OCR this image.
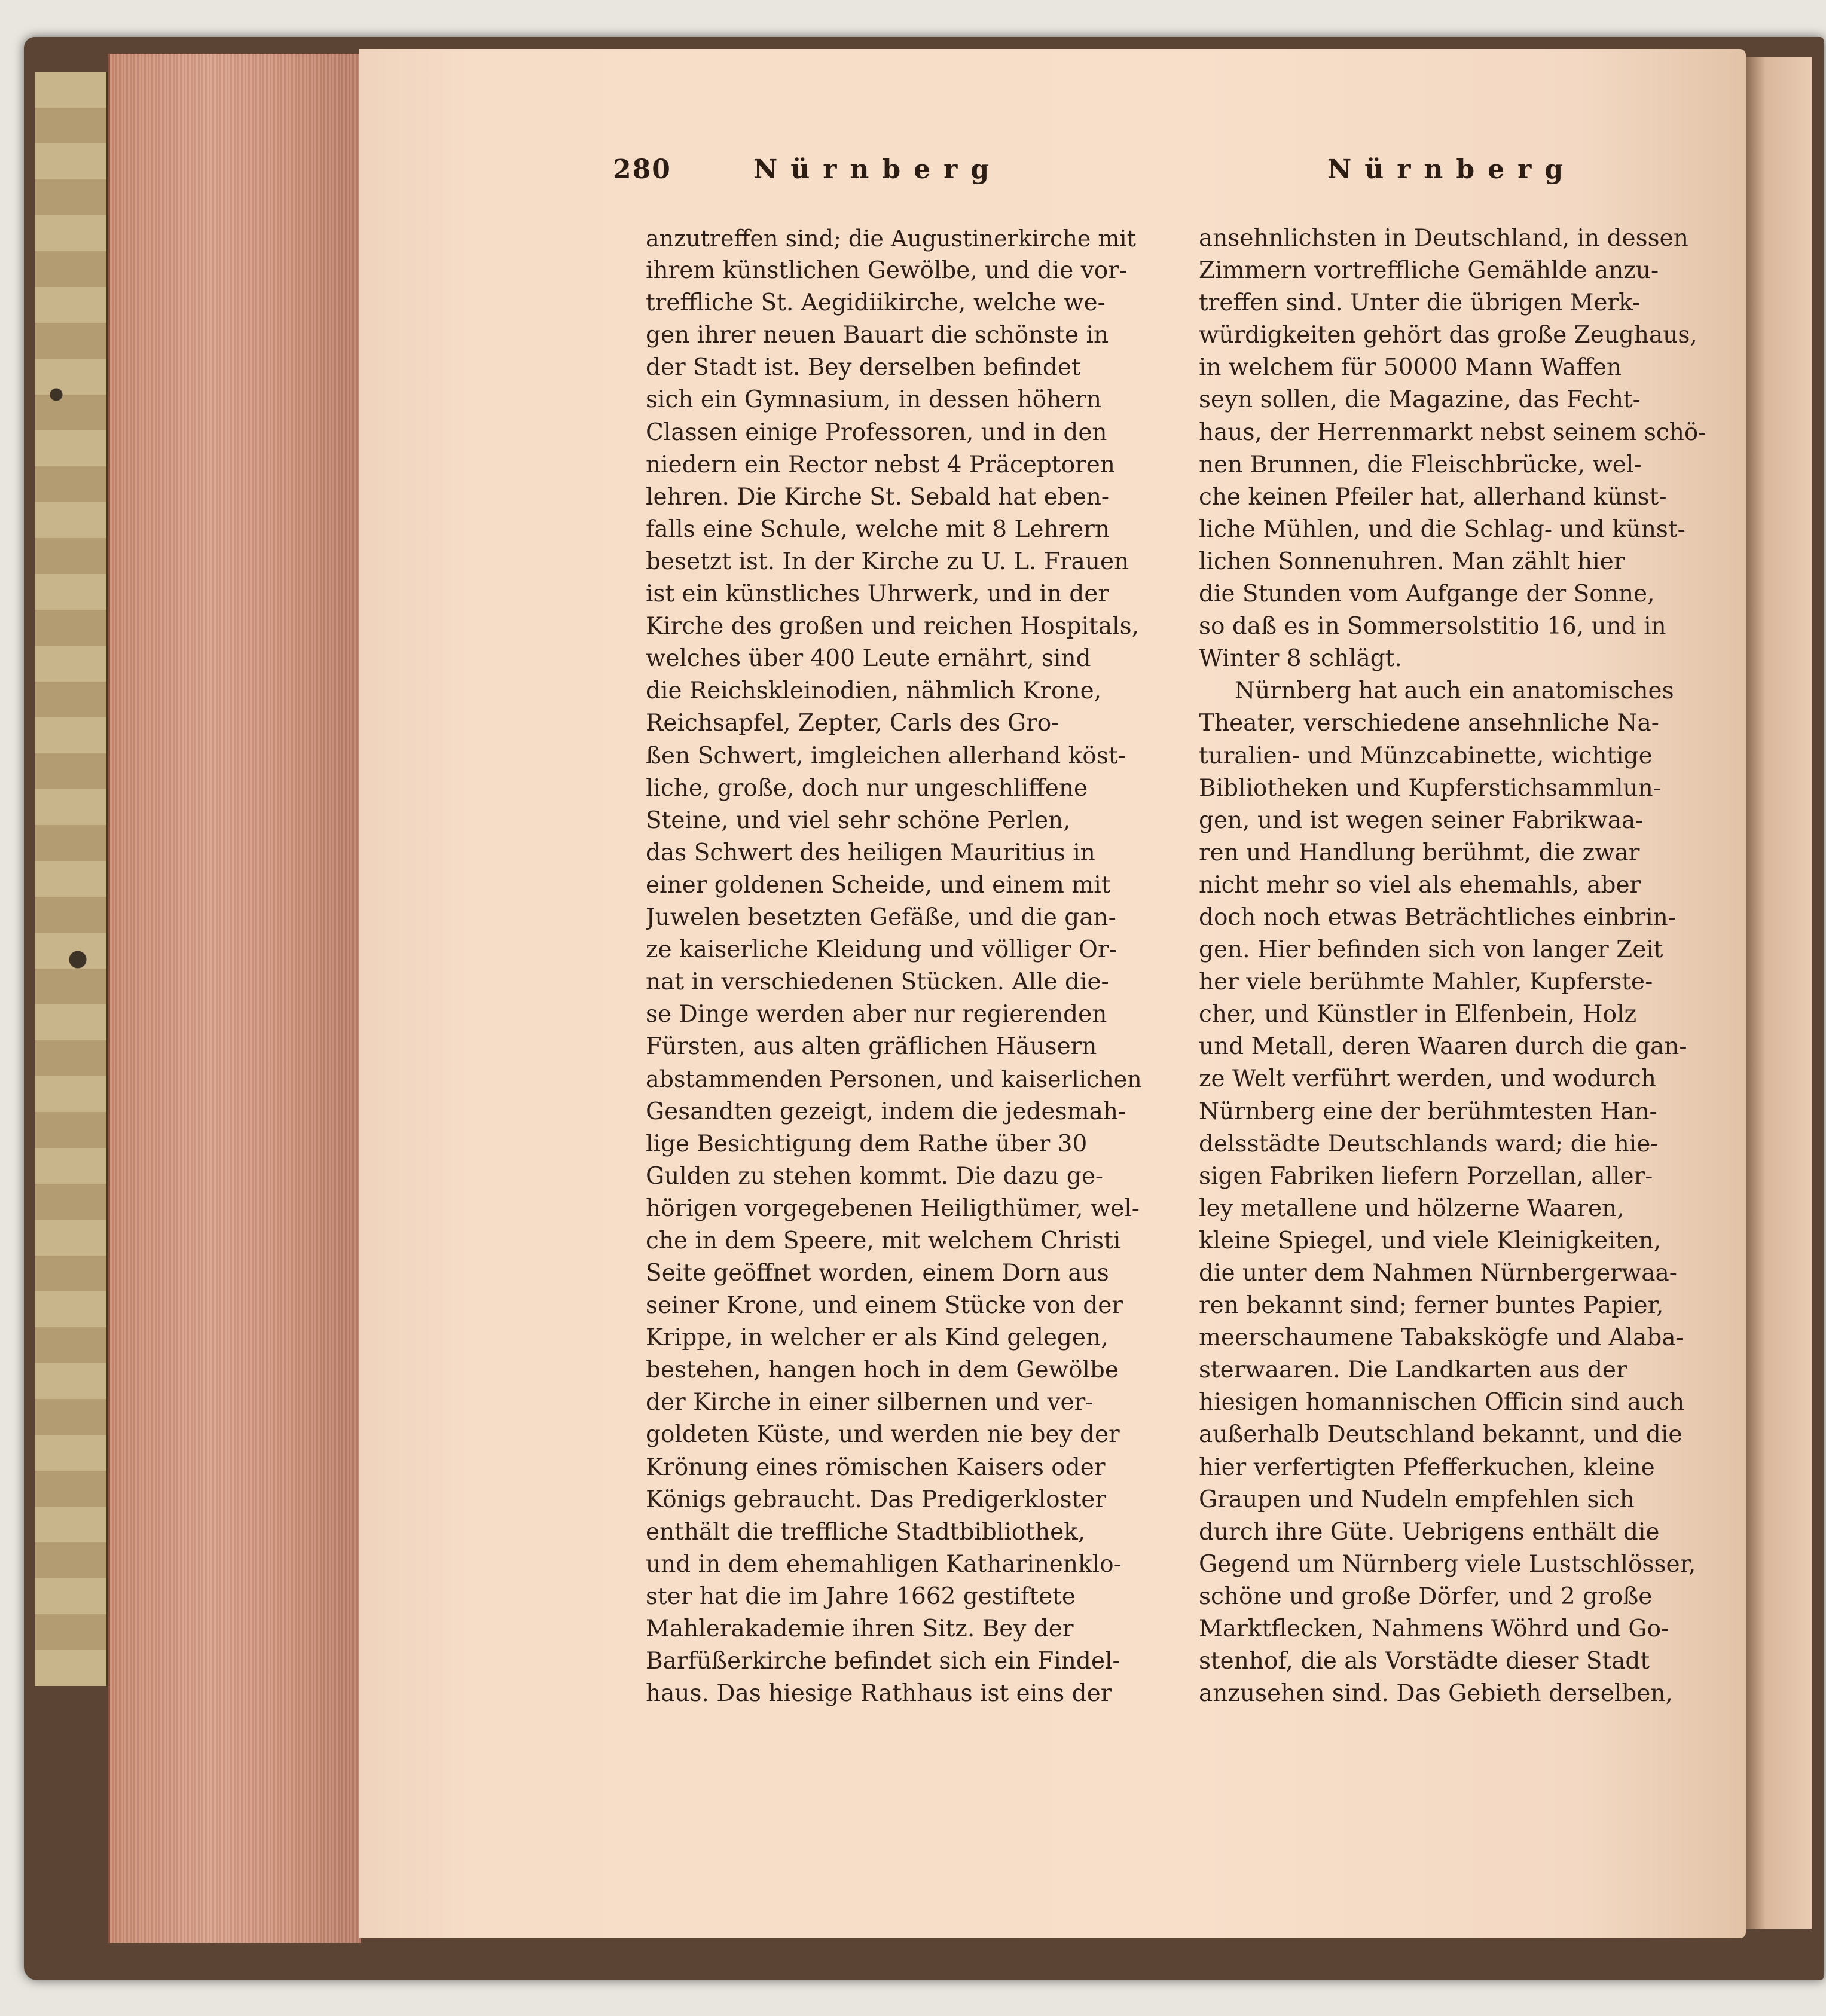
280	Nürnberg	Nürnberg
anzutreffen sind; die Augustinerkirche mit
ihrem künstlichen Gewölbe, und die vor-
treffliche St. Aegidiikirche, welche we-
gen ihrer neuen Bauart die schönste in
der Stadt ist. Bey derselben befindet
sich ein Gymnasium, in dessen höhern
Classen einige Professoren, und in den
niedern ein Rector nebst 4 Präceptoren
lehren. Die Kirche St. Sebald hat eben-
falls eine Schule, welche mit 8 Lehrern
besetzt ist. In der Kirche zu U. L. Frauen
ist ein künstliches Uhrwerk, und in der
Kirche des großen und reichen Hospitals,
welches über 400 Leute ernährt, sind
die Reichskleinodien, nähmlich Krone,
Reichsapfel, Zepter, Carls des Gro-
ßen Schwert, imgleichen allerhand köst-
liche, große, doch nur ungeschliffene
Steine, und viel sehr schöne Perlen,
das Schwert des heiligen Mauritius in
einer goldenen Scheide, und einem mit
Juwelen besetzten Gefäße, und die gan-
ze kaiserliche Kleidung und völliger Or-
nat in verschiedenen Stücken. Alle die-
se Dinge werden aber nur regierenden
Fürsten, aus alten gräflichen Häusern
abstammenden Personen, und kaiserlichen
Gesandten gezeigt, indem die jedesmah-
lige Besichtigung dem Rathe über 30
Gulden zu stehen kommt. Die dazu ge-
hörigen vorgegebenen Heiligthümer, wel-
che in dem Speere, mit welchem Christi
Seite geöffnet worden, einem Dorn aus
seiner Krone, und einem Stücke von der
Krippe, in welcher er als Kind gelegen,
bestehen, hangen hoch in dem Gewölbe
der Kirche in einer silbernen und ver-
goldeten Küste, und werden nie bey der
Krönung eines römischen Kaisers oder
Königs gebraucht. Das Predigerkloster
enthält die treffliche Stadtbibliothek,
und in dem ehemahligen Katharinenklo-
ster hat die im Jahre 1662 gestiftete
Mahlerakademie ihren Sitz. Bey der
Barfüßerkirche befindet sich ein Findel-
haus. Das hiesige Rathhaus ist eins der
ansehnlichsten in Deutschland, in dessen
Zimmern vortreffliche Gemählde anzu-
treffen sind. Unter die übrigen Merk-
würdigkeiten gehört das große Zeughaus,
in welchem für 50000 Mann Waffen
seyn sollen, die Magazine, das Fecht-
haus, der Herrenmarkt nebst seinem schö-
nen Brunnen, die Fleischbrücke, wel-
che keinen Pfeiler hat, allerhand künst-
liche Mühlen, und die Schlag- und künst-
lichen Sonnenuhren. Man zählt hier
die Stunden vom Aufgange der Sonne,
so daß es in Sommersolstitio 16, und in
Winter 8 schlägt.
Nürnberg hat auch ein anatomisches
Theater, verschiedene ansehnliche Na-
turalien- und Münzcabinette, wichtige
Bibliotheken und Kupferstichsammlun-
gen, und ist wegen seiner Fabrikwaa-
ren und Handlung berühmt, die zwar
nicht mehr so viel als ehemahls, aber
doch noch etwas Beträchtliches einbrin-
gen. Hier befinden sich von langer Zeit
her viele berühmte Mahler, Kupferste-
cher, und Künstler in Elfenbein, Holz
und Metall, deren Waaren durch die gan-
ze Welt verführt werden, und wodurch
Nürnberg eine der berühmtesten Han-
delsstädte Deutschlands ward; die hie-
sigen Fabriken liefern Porzellan, aller-
ley metallene und hölzerne Waaren,
kleine Spiegel, und viele Kleinigkeiten,
die unter dem Nahmen Nürnbergerwaa-
ren bekannt sind; ferner buntes Papier,
meerschaumene Tabakskögfe und Alaba-
sterwaaren. Die Landkarten aus der
hiesigen homannischen Officin sind auch
außerhalb Deutschland bekannt, und die
hier verfertigten Pfefferkuchen, kleine
Graupen und Nudeln empfehlen sich
durch ihre Güte. Uebrigens enthält die
Gegend um Nürnberg viele Lustschlösser,
schöne und große Dörfer, und 2 große
Marktflecken, Nahmens Wöhrd und Go-
stenhof, die als Vorstädte dieser Stadt
anzusehen sind. Das Gebieth derselben,
